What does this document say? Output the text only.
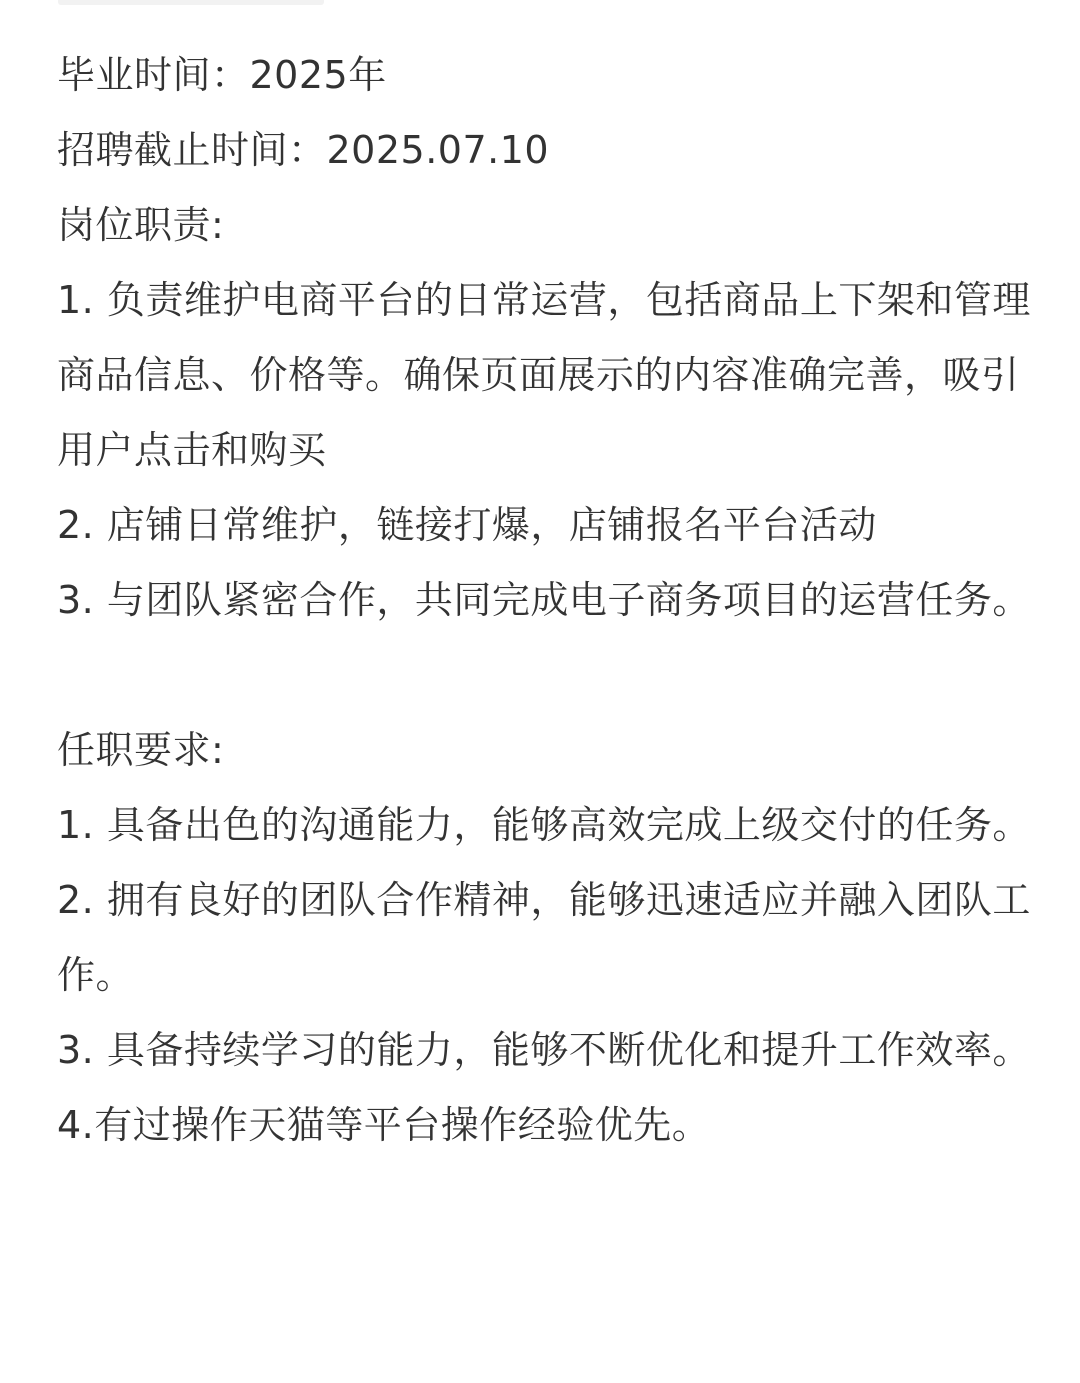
毕业时间：2025年

招聘截止时间：2025.07.10

岗位职责:

1. 负责维护电商平台的日常运营，包括商品上下架和管理商品信息、价格等。确保页面展示的内容准确完善，吸引用户点击和购买

2. 店铺日常维护，链接打爆，店铺报名平台活动

3. 与团队紧密合作，共同完成电子商务项目的运营任务。

任职要求:

1. 具备出色的沟通能力，能够高效完成上级交付的任务。

2. 拥有良好的团队合作精神，能够迅速适应并融入团队工作。

3. 具备持续学习的能力，能够不断优化和提升工作效率。

4.有过操作天猫等平台操作经验优先。
